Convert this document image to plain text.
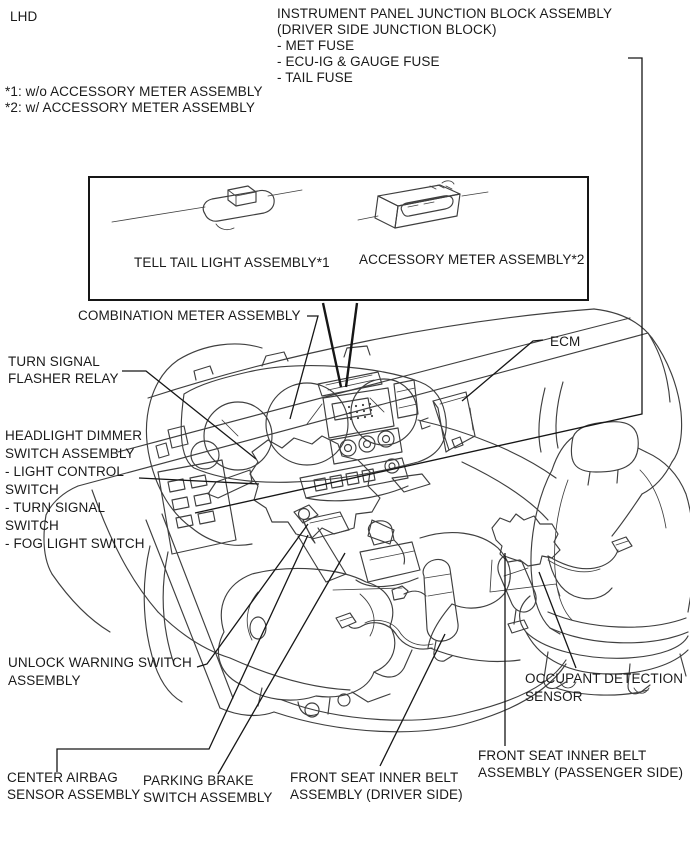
LHD	INSTRUMENT PANEL JUNCTION BLOCK ASSEMBLY
(DRIVER SIDE JUNCTION BLOCK)
- MET FUSE
- ECU-IG & GAUGE FUSE
- TAIL FUSE
*1: w/o ACCESSORY METER ASSEMBLY
*2: w/ ACCESSORY METER ASSEMBLY
TELL TAIL LIGHT ASSEMBLY*1 ACCESSORY METER ASSEMBLY*2
COMBINATION METER ASSEMBLY
TURN SIGNAL
FLASHER RELAY
ECM
HEADLIGHT DIMMER
SWITCH ASSEMBLY
- LIGHT CONTROL
SWITCH
- TURN SIGNAL
SWITCH
- FOG LIGHT SWITCH
UNLOCK WARNING SWITCH
ASSEMBLY
CENTER AIRBAG
SENSOR ASSEMBLY
PARKING BRAKE
SWITCH ASSEMBLY
FRONT SEAT INNER BELT
ASSEMBLY (DRIVER SIDE)
FRONT SEAT INNER BELT
ASSEMBLY (PASSENGER SIDE)
OCCUPANT DETECTION
SENSOR
